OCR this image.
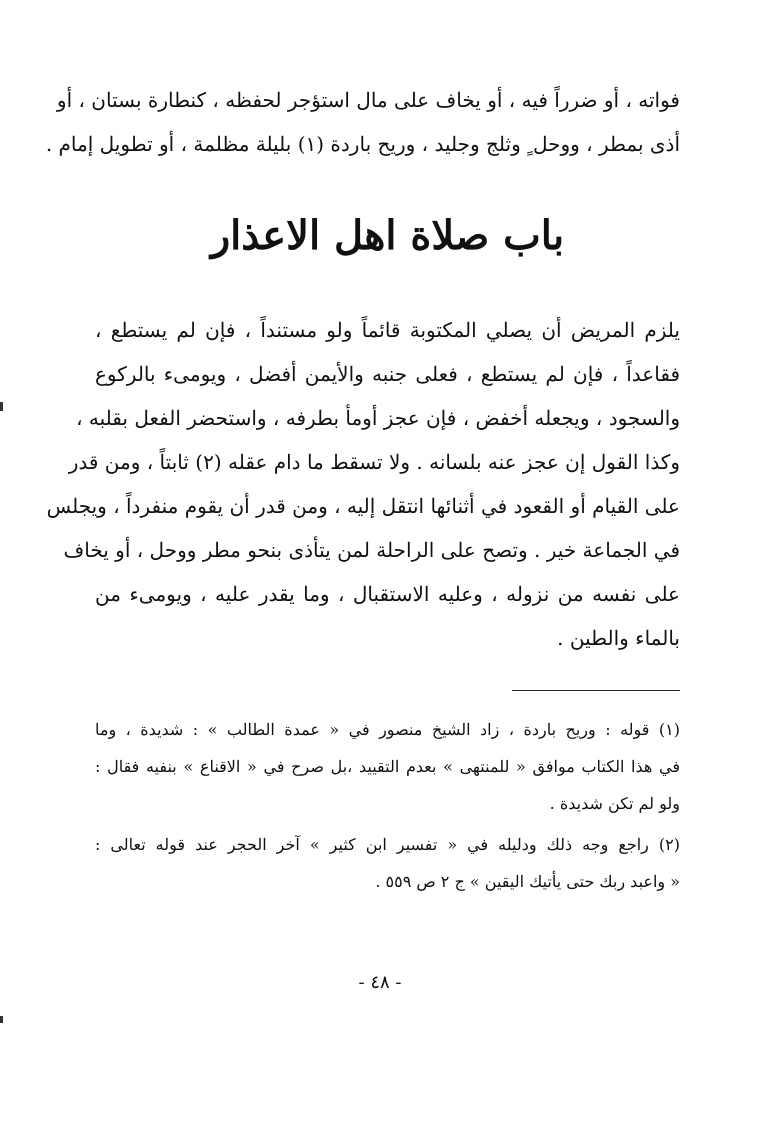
فواته ، أو ضرراً فيه ، أو يخاف على مال استؤجر لحفظه ، كنطارة بستان ، أو
أذى بمطر ، ووحل ٍ وثلج وجليد ، وريح باردة (١) بليلة مظلمة ، أو تطويل إمام .
باب صلاة اهل الاعذار
يلزم المريض أن يصلي المكتوبة قائماً ولو مستنداً ، فإن لم يستطع ،
فقاعداً ، فإن لم يستطع ، فعلى جنبه والأيمن أفضل ، ويومىء بالركوع
والسجود ، ويجعله أخفض ، فإن عجز أومأ بطرفه ، واستحضر الفعل بقلبه ،
وكذا القول إن عجز عنه بلسانه . ولا تسقط ما دام عقله (٢) ثابتاً ، ومن قدر
على القيام أو القعود في أثنائها انتقل إليه ، ومن قدر أن يقوم منفرداً ، ويجلس
في الجماعة خير . وتصح على الراحلة لمن يتأذى بنحو مطر ووحل ، أو يخاف
على نفسه من نزوله ، وعليه الاستقبال ، وما يقدر عليه ، ويومىء من
بالماء والطين .
(١) قوله : وريح باردة ، زاد الشيخ منصور في « عمدة الطالب » : شديدة ، وما
في هذا الكتاب موافق « للمنتهى » بعدم التقييد ،بل صرح في « الاقناع » بنفيه فقال :
ولو لم تكن شديدة .
(٢) راجع وجه ذلك ودليله في « تفسير ابن كثير » آخر الحجر عند قوله تعالى :
« واعبد ربك حتى يأتيك اليقين » ج ٢ ص ٥٥٩ .
- ٤٨ -
